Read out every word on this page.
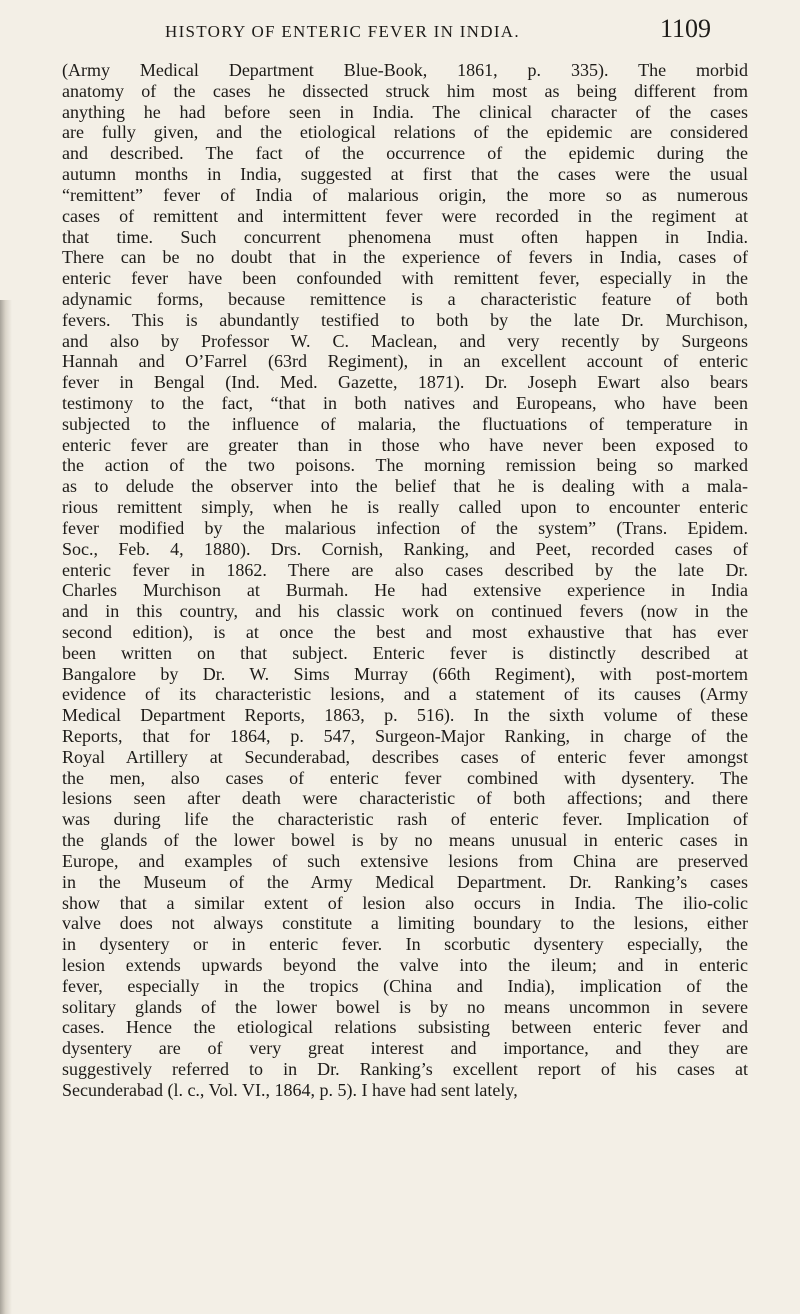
HISTORY OF ENTERIC FEVER IN INDIA.	1109
(Army Medical Department Blue-Book, 1861, p. 335). The morbid
anatomy of the cases he dissected struck him most as being different from
anything he had before seen in India. The clinical character of the cases
are fully given, and the etiological relations of the epidemic are considered
and described. The fact of the occurrence of the epidemic during the
autumn months in India, suggested at first that the cases were the usual
“remittent” fever of India of malarious origin, the more so as numerous
cases of remittent and intermittent fever were recorded in the regiment at
that time. Such concurrent phenomena must often happen in India.
There can be no doubt that in the experience of fevers in India, cases of
enteric fever have been confounded with remittent fever, especially in the
adynamic forms, because remittence is a characteristic feature of both
fevers. This is abundantly testified to both by the late Dr. Murchison,
and also by Professor W. C. Maclean, and very recently by Surgeons
Hannah and O’Farrel (63rd Regiment), in an excellent account of enteric
fever in Bengal (Ind. Med. Gazette, 1871). Dr. Joseph Ewart also bears
testimony to the fact, “that in both natives and Europeans, who have been
subjected to the influence of malaria, the fluctuations of temperature in
enteric fever are greater than in those who have never been exposed to
the action of the two poisons. The morning remission being so marked
as to delude the observer into the belief that he is dealing with a mala-
rious remittent simply, when he is really called upon to encounter enteric
fever modified by the malarious infection of the system” (Trans. Epidem.
Soc., Feb. 4, 1880). Drs. Cornish, Ranking, and Peet, recorded cases of
enteric fever in 1862. There are also cases described by the late Dr.
Charles Murchison at Burmah. He had extensive experience in India
and in this country, and his classic work on continued fevers (now in the
second edition), is at once the best and most exhaustive that has ever
been written on that subject. Enteric fever is distinctly described at
Bangalore by Dr. W. Sims Murray (66th Regiment), with post-mortem
evidence of its characteristic lesions, and a statement of its causes (Army
Medical Department Reports, 1863, p. 516). In the sixth volume of these
Reports, that for 1864, p. 547, Surgeon-Major Ranking, in charge of the
Royal Artillery at Secunderabad, describes cases of enteric fever amongst
the men, also cases of enteric fever combined with dysentery. The
lesions seen after death were characteristic of both affections; and there
was during life the characteristic rash of enteric fever. Implication of
the glands of the lower bowel is by no means unusual in enteric cases in
Europe, and examples of such extensive lesions from China are preserved
in the Museum of the Army Medical Department. Dr. Ranking’s cases
show that a similar extent of lesion also occurs in India. The ilio-colic
valve does not always constitute a limiting boundary to the lesions, either
in dysentery or in enteric fever. In scorbutic dysentery especially, the
lesion extends upwards beyond the valve into the ileum; and in enteric
fever, especially in the tropics (China and India), implication of the
solitary glands of the lower bowel is by no means uncommon in severe
cases. Hence the etiological relations subsisting between enteric fever and
dysentery are of very great interest and importance, and they are
suggestively referred to in Dr. Ranking’s excellent report of his cases at
Secunderabad (l. c., Vol. VI., 1864, p. 5). I have had sent lately,
